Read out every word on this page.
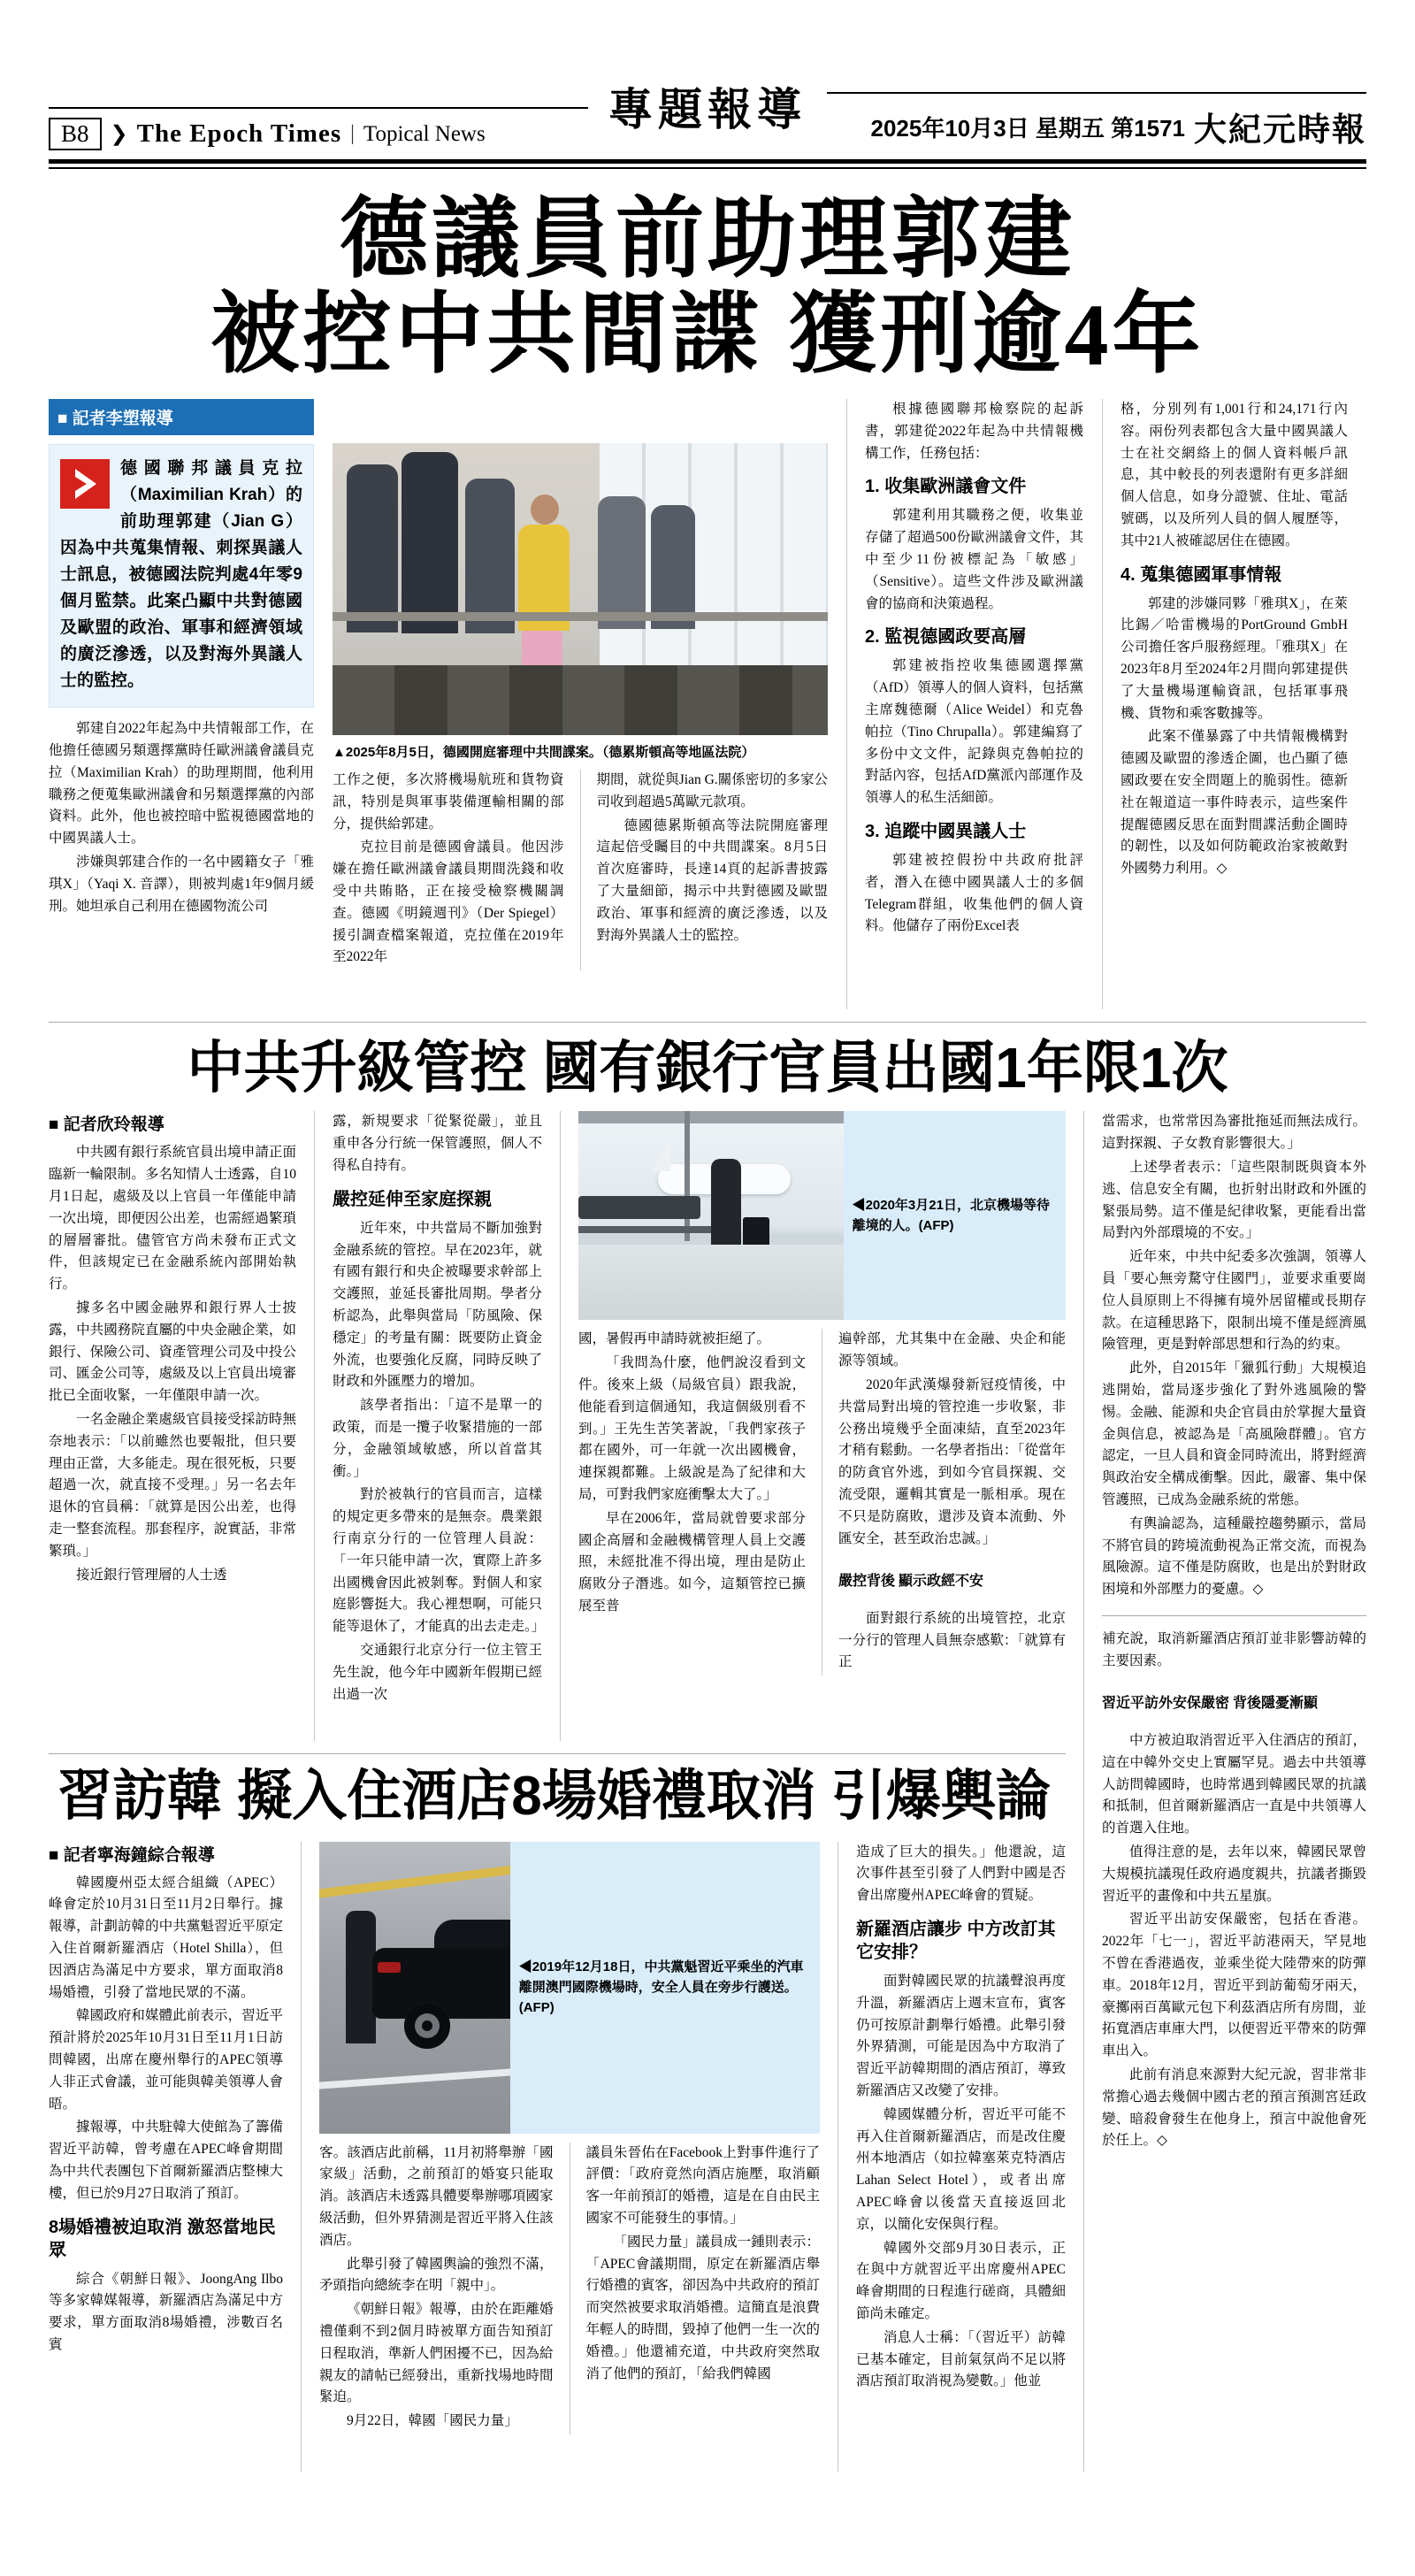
B8	❯ The Epoch Times | Topical News	專題報導	2025年10月3日 星期五 第1571 大紀元時報
德議員前助理郭建
被控中共間諜 獲刑逾4年
■ 記者李塑報導
德國聯邦議員克拉（Maximilian Krah）的前助理郭建（Jian G）因為中共蒐集情報、刺探異議人士訊息，被德國法院判處4年零9個月監禁。此案凸顯中共對德國及歐盟的政治、軍事和經濟領域的廣泛滲透，以及對海外異議人士的監控。

郭建自2022年起為中共情報部工作，在他擔任德國另類選擇黨時任歐洲議會議員克拉（Maximilian Krah）的助理期間，他利用職務之便蒐集歐洲議會和另類選擇黨的內部資料。此外，他也被控暗中監視德國當地的中國異議人士。

涉嫌與郭建合作的一名中國籍女子「雅琪X」（Yaqi X. 音譯），則被判處1年9個月緩刑。她坦承自己利用在德國物流公司

▲2025年8月5日，德國開庭審理中共間諜案。（德累斯頓高等地區法院）

工作之便，多次將機場航班和貨物資訊，特別是與軍事裝備運輸相關的部分，提供給郭建。

克拉目前是德國會議員。他因涉嫌在擔任歐洲議會議員期間洗錢和收受中共賄賂，正在接受檢察機關調查。德國《明鏡週刊》（Der Spiegel）援引調查檔案報道，克拉僅在2019年至2022年

期間，就從與Jian G.關係密切的多家公司收到超過5萬歐元款項。

德國德累斯頓高等法院開庭審理這起倍受矚目的中共間諜案。8月5日首次庭審時，長達14頁的起訴書披露了大量細節，揭示中共對德國及歐盟政治、軍事和經濟的廣泛滲透，以及對海外異議人士的監控。

根據德國聯邦檢察院的起訴書，郭建從2022年起為中共情報機構工作，任務包括：

1. 收集歐洲議會文件

郭建利用其職務之便，收集並存儲了超過500份歐洲議會文件，其中至少11份被標記為「敏感」（Sensitive）。這些文件涉及歐洲議會的協商和決策過程。

2. 監視德國政要高層

郭建被指控收集德國選擇黨（AfD）領導人的個人資料，包括黨主席魏德爾（Alice Weidel）和克魯帕拉（Tino Chrupalla）。郭建編寫了多份中文文件，記錄與克魯帕拉的對話內容，包括AfD黨派內部運作及領導人的私生活細節。

3. 追蹤中國異議人士

郭建被控假扮中共政府批評者，潛入在德中國異議人士的多個Telegram群組，收集他們的個人資料。他儲存了兩份Excel表

格，分別列有1,001行和24,171行內容。兩份列表都包含大量中國異議人士在社交網絡上的個人資料帳戶訊息，其中較長的列表還附有更多詳細個人信息，如身分證號、住址、電話號碼，以及所列人員的個人履歷等，其中21人被確認居住在德國。

4. 蒐集德國軍事情報

郭建的涉嫌同夥「雅琪X」，在萊比錫／哈雷機場的PortGround GmbH公司擔任客戶服務經理。「雅琪X」在2023年8月至2024年2月間向郭建提供了大量機場運輸資訊，包括軍事飛機、貨物和乘客數據等。

此案不僅暴露了中共情報機構對德國及歐盟的滲透企圖，也凸顯了德國政要在安全問題上的脆弱性。德新社在報道這一事件時表示，這些案件提醒德國反思在面對間諜活動企圖時的韌性，以及如何防範政治家被敵對外國勢力利用。◇

中共升級管控 國有銀行官員出國1年限1次
■ 記者欣玲報導

中共國有銀行系統官員出境申請正面臨新一輪限制。多名知情人士透露，自10月1日起，處級及以上官員一年僅能申請一次出境，即便因公出差，也需經過繁瑣的層層審批。儘管官方尚未發布正式文件，但該規定已在金融系統內部開始執行。

據多名中國金融界和銀行界人士披露，中共國務院直屬的中央金融企業，如銀行、保險公司、資產管理公司及中投公司、匯金公司等，處級及以上官員出境審批已全面收緊，一年僅限申請一次。

一名金融企業處級官員接受採訪時無奈地表示：「以前雖然也要報批，但只要理由正當，大多能走。現在很死板，只要超過一次，就直接不受理。」另一名去年退休的官員稱：「就算是因公出差，也得走一整套流程。那套程序，說實話，非常繁瑣。」

接近銀行管理層的人士透

露，新規要求「從緊從嚴」，並且重申各分行統一保管護照，個人不得私自持有。

嚴控延伸至家庭探親

近年來，中共當局不斷加強對金融系統的管控。早在2023年，就有國有銀行和央企被曝要求幹部上交護照，並延長審批周期。學者分析認為，此舉與當局「防風險、保穩定」的考量有關：既要防止資金外流，也要強化反腐，同時反映了財政和外匯壓力的增加。

該學者指出：「這不是單一的政策，而是一攬子收緊措施的一部分，金融領域敏感，所以首當其衝。」

對於被執行的官員而言，這樣的規定更多帶來的是無奈。農業銀行南京分行的一位管理人員說：「一年只能申請一次，實際上許多出國機會因此被剝奪。對個人和家庭影響挺大。我心裡想啊，可能只能等退休了，才能真的出去走走。」

交通銀行北京分行一位主管王先生說，他今年中國新年假期已經出過一次

◀2020年3月21日，北京機場等待離境的人。(AFP)

國，暑假再申請時就被拒絕了。

「我問為什麼，他們說沒看到文件。後來上級（局級官員）跟我說，他能看到這個通知，我這個級別看不到。」王先生苦笑著說，「我們家孩子都在國外，可一年就一次出國機會，連探親都難。上級說是為了紀律和大局，可對我們家庭衝擊太大了。」

早在2006年，當局就曾要求部分國企高層和金融機構管理人員上交護照，未經批准不得出境，理由是防止腐敗分子潛逃。如今，這類管控已擴展至普

遍幹部，尤其集中在金融、央企和能源等領域。

2020年武漢爆發新冠疫情後，中共當局對出境的管控進一步收緊，非公務出境幾乎全面凍結，直至2023年才稍有鬆動。一名學者指出：「從當年的防貪官外逃，到如今官員探親、交流受限，邏輯其實是一脈相承。現在不只是防腐敗，還涉及資本流動、外匯安全，甚至政治忠誠。」

嚴控背後 顯示政經不安

面對銀行系統的出境管控，北京一分行的管理人員無奈感歎：「就算有正

習訪韓 擬入住酒店8場婚禮取消 引爆輿論
■ 記者寧海鐘綜合報導

韓國慶州亞太經合組織（APEC）峰會定於10月31日至11月2日舉行。據報導，計劃訪韓的中共黨魁習近平原定入住首爾新羅酒店（Hotel Shilla），但因酒店為滿足中方要求，單方面取消8場婚禮，引發了當地民眾的不滿。

韓國政府和媒體此前表示，習近平預計將於2025年10月31日至11月1日訪問韓國，出席在慶州舉行的APEC領導人非正式會議，並可能與韓美領導人會晤。

據報導，中共駐韓大使館為了籌備習近平訪韓，曾考慮在APEC峰會期間為中共代表團包下首爾新羅酒店整棟大樓，但已於9月27日取消了預訂。

8場婚禮被迫取消 激怒當地民眾

綜合《朝鮮日報》、JoongAng Ilbo等多家韓媒報導，新羅酒店為滿足中方要求，單方面取消8場婚禮，涉數百名賓

◀2019年12月18日，中共黨魁習近平乘坐的汽車離開澳門國際機場時，安全人員在旁步行護送。(AFP)

客。該酒店此前稱，11月初將舉辦「國家級」活動，之前預訂的婚宴只能取消。該酒店未透露具體要舉辦哪項國家級活動，但外界猜測是習近平將入住該酒店。

此舉引發了韓國輿論的強烈不滿，矛頭指向總統李在明「親中」。

《朝鮮日報》報導，由於在距離婚禮僅剩不到2個月時被單方面告知預訂日程取消，準新人們困擾不已，因為給親友的請帖已經發出，重新找場地時間緊迫。

9月22日，韓國「國民力量」

議員朱晉佑在Facebook上對事件進行了評價：「政府竟然向酒店施壓，取消顧客一年前預訂的婚禮，這是在自由民主國家不可能發生的事情。」

「國民力量」議員成一鍾則表示：「APEC會議期間，原定在新羅酒店舉行婚禮的賓客，卻因為中共政府的預訂而突然被要求取消婚禮。這簡直是浪費年輕人的時間，毀掉了他們一生一次的婚禮。」他還補充道，中共政府突然取消了他們的預訂，「給我們韓國

造成了巨大的損失。」他還說，這次事件甚至引發了人們對中國是否會出席慶州APEC峰會的質疑。

新羅酒店讓步 中方改訂其它安排？

面對韓國民眾的抗議聲浪再度升溫，新羅酒店上週末宣布，賓客仍可按原計劃舉行婚禮。此舉引發外界猜測，可能是因為中方取消了習近平訪韓期間的酒店預訂，導致新羅酒店又改變了安排。

韓國媒體分析，習近平可能不再入住首爾新羅酒店，而是改住慶州本地酒店（如拉韓塞萊克特酒店 Lahan Select Hotel），或者出席APEC峰會以後當天直接返回北京，以簡化安保與行程。

韓國外交部9月30日表示，正在與中方就習近平出席慶州APEC峰會期間的日程進行磋商，具體細節尚未確定。

消息人士稱：「（習近平）訪韓已基本確定，目前氣氛尚不足以將酒店預訂取消視為變數。」他並

當需求，也常常因為審批拖延而無法成行。這對探親、子女教育影響很大。」

上述學者表示：「這些限制既與資本外逃、信息安全有關，也折射出財政和外匯的緊張局勢。這不僅是紀律收緊，更能看出當局對內外部環境的不安。」

近年來，中共中紀委多次強調，領導人員「要心無旁騖守住國門」，並要求重要崗位人員原則上不得擁有境外居留權或長期存款。在這種思路下，限制出境不僅是經濟風險管理，更是對幹部思想和行為的約束。

此外，自2015年「獵狐行動」大規模追逃開始，當局逐步強化了對外逃風險的警惕。金融、能源和央企官員由於掌握大量資金與信息，被認為是「高風險群體」。官方認定，一旦人員和資金同時流出，將對經濟與政治安全構成衝擊。因此，嚴審、集中保管護照，已成為金融系統的常態。

有輿論認為，這種嚴控趨勢顯示，當局不將官員的跨境流動視為正常交流，而視為風險源。這不僅是防腐敗，也是出於對財政困境和外部壓力的憂慮。◇

補充說，取消新羅酒店預訂並非影響訪韓的主要因素。

習近平訪外安保嚴密 背後隱憂漸顯

中方被迫取消習近平入住酒店的預訂，這在中韓外交史上實屬罕見。過去中共領導人訪問韓國時，也時常遇到韓國民眾的抗議和抵制，但首爾新羅酒店一直是中共領導人的首選入住地。

值得注意的是，去年以來，韓國民眾曾大規模抗議現任政府過度親共，抗議者撕毀習近平的畫像和中共五星旗。

習近平出訪安保嚴密，包括在香港。2022年「七一」，習近平訪港兩天，罕見地不曾在香港過夜，並乘坐從大陸帶來的防彈車。2018年12月，習近平到訪葡萄牙兩天，豪擲兩百萬歐元包下利茲酒店所有房間，並拓寬酒店車庫大門，以便習近平帶來的防彈車出入。

此前有消息來源對大紀元說，習非常非常擔心過去幾個中國古老的預言預測宮廷政變、暗殺會發生在他身上，預言中說他會死於任上。◇
